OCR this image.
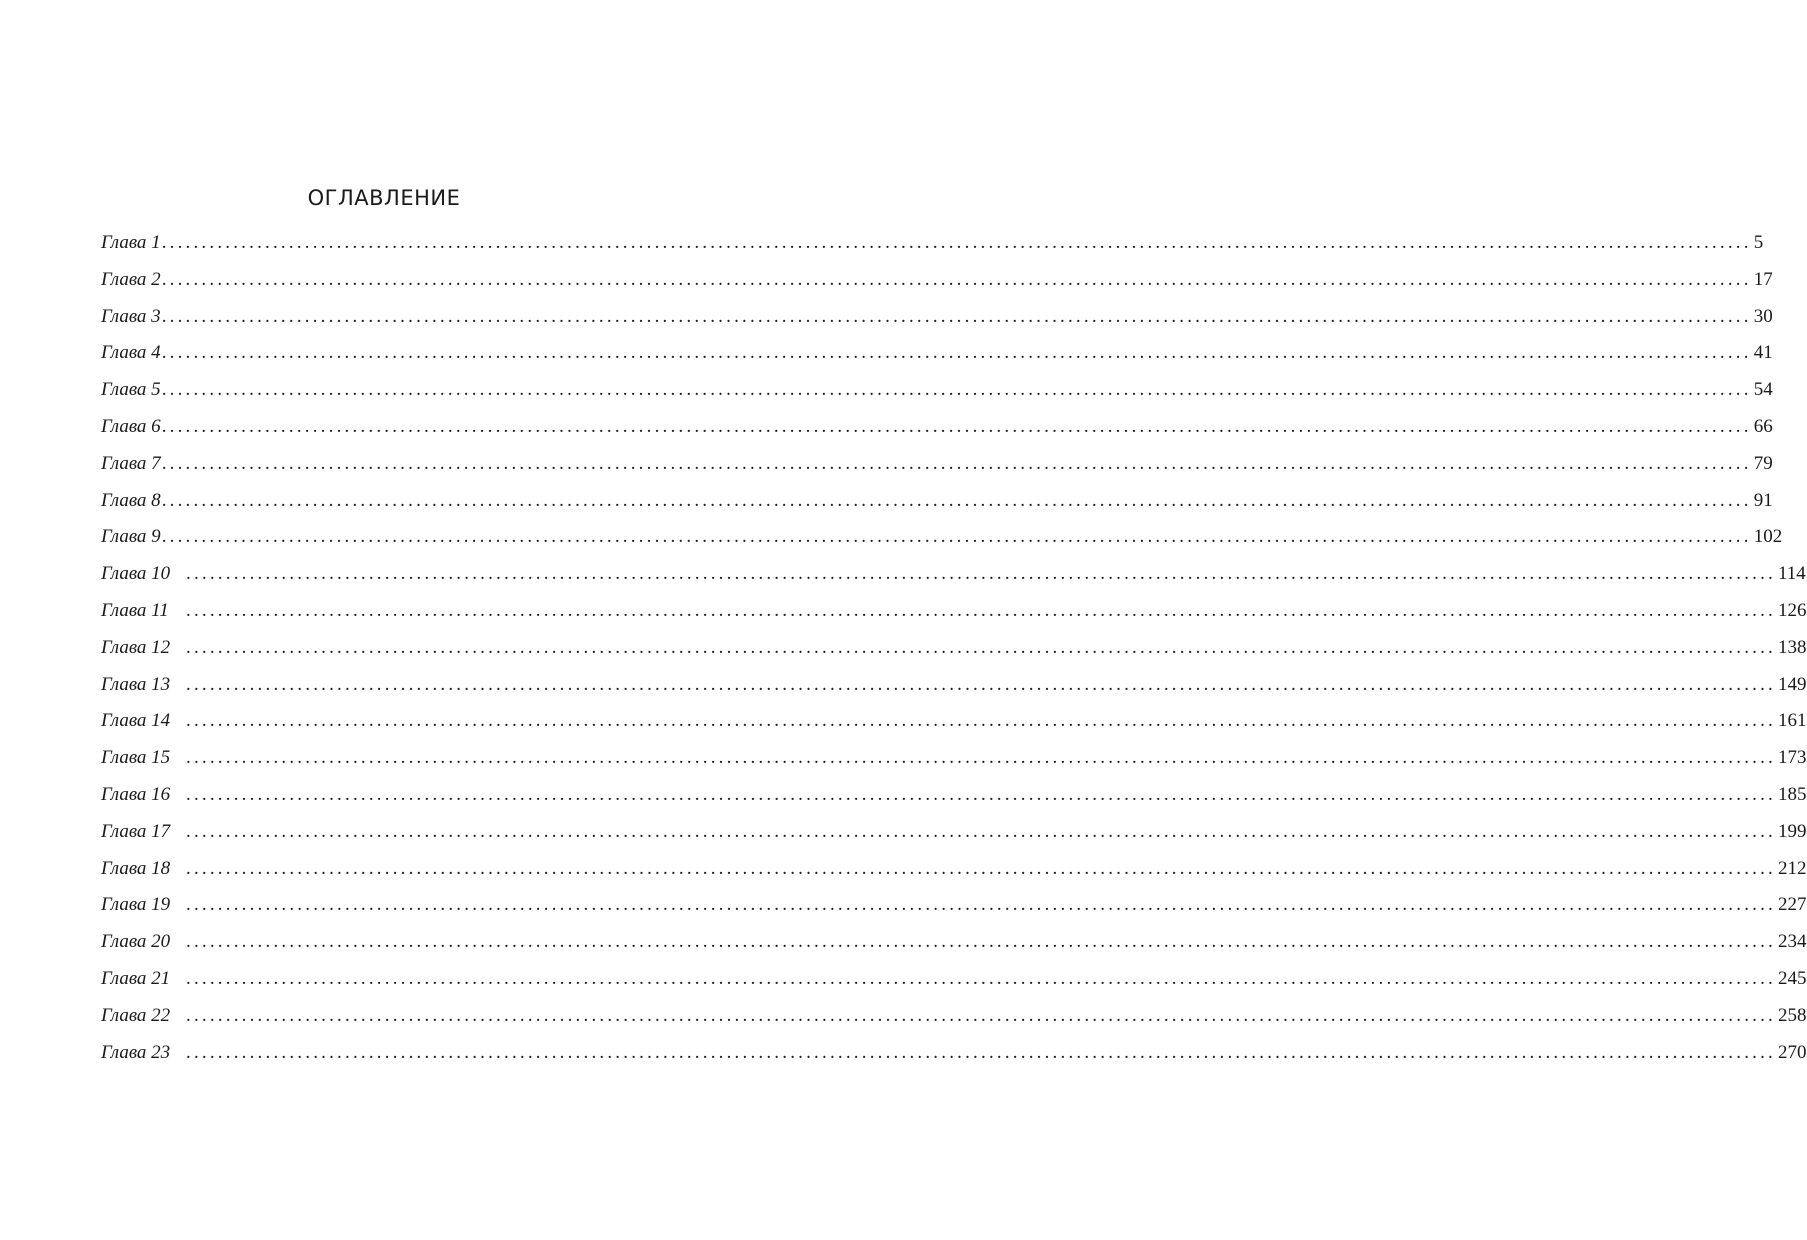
ОГЛАВЛЕНИЕ
Глава 1 ........................................................................................................................................................................................................ 5
Глава 2 ........................................................................................................................................................................................................ 17
Глава 3 ........................................................................................................................................................................................................ 30
Глава 4 ........................................................................................................................................................................................................ 41
Глава 5 ........................................................................................................................................................................................................ 54
Глава 6 ........................................................................................................................................................................................................ 66
Глава 7 ........................................................................................................................................................................................................ 79
Глава 8 ........................................................................................................................................................................................................ 91
Глава 9 ........................................................................................................................................................................................................ 102
Глава 10 ........................................................................................................................................................................................................ 114
Глава 11 ........................................................................................................................................................................................................ 126
Глава 12 ........................................................................................................................................................................................................ 138
Глава 13 ........................................................................................................................................................................................................ 149
Глава 14 ........................................................................................................................................................................................................ 161
Глава 15 ........................................................................................................................................................................................................ 173
Глава 16 ........................................................................................................................................................................................................ 185
Глава 17 ........................................................................................................................................................................................................ 199
Глава 18 ........................................................................................................................................................................................................ 212
Глава 19 ........................................................................................................................................................................................................ 227
Глава 20 ........................................................................................................................................................................................................ 234
Глава 21 ........................................................................................................................................................................................................ 245
Глава 22 ........................................................................................................................................................................................................ 258
Глава 23 ........................................................................................................................................................................................................ 270
